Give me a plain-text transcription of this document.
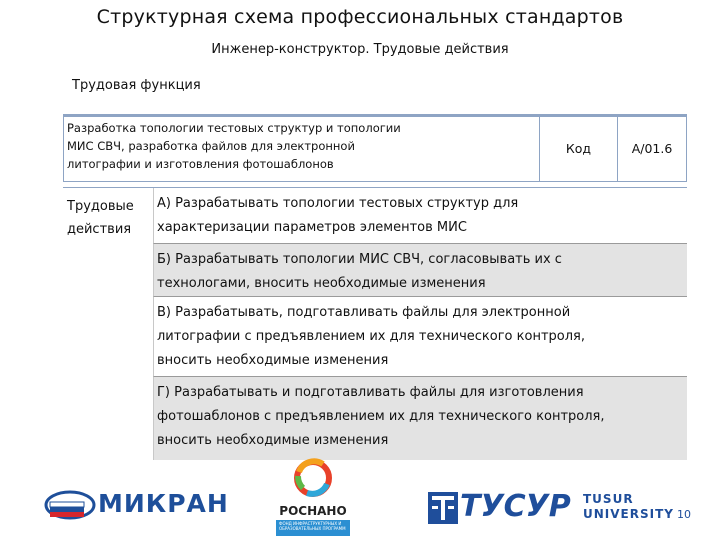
Структурная схема профессиональных стандартов
Инженер-конструктор. Трудовые действия
Трудовая функция
Разработка топологии тестовых структур и топологии
МИС СВЧ, разработка файлов для электронной
литографии и изготовления фотошаблонов
Код	A/01.6
Трудовые
действия
А) Разрабатывать топологии тестовых структур для
характеризации параметров элементов МИС
Б) Разрабатывать топологии МИС СВЧ, согласовывать их с
технологами, вносить необходимые изменения
В) Разрабатывать, подготавливать файлы для электронной
литографии с предъявлением их для технического контроля,
вносить необходимые изменения
Г) Разрабатывать и подготавливать файлы для изготовления
фотошаблонов с предъявлением их для технического контроля,
вносить необходимые изменения
МИКРАН	РОСНАНО
ФОНД ИНФРАСТРУКТУРНЫХ И ОБРАЗОВАТЕЛЬНЫХ ПРОГРАММ
ТУСУР TUSUR
UNIVERSITY 10
